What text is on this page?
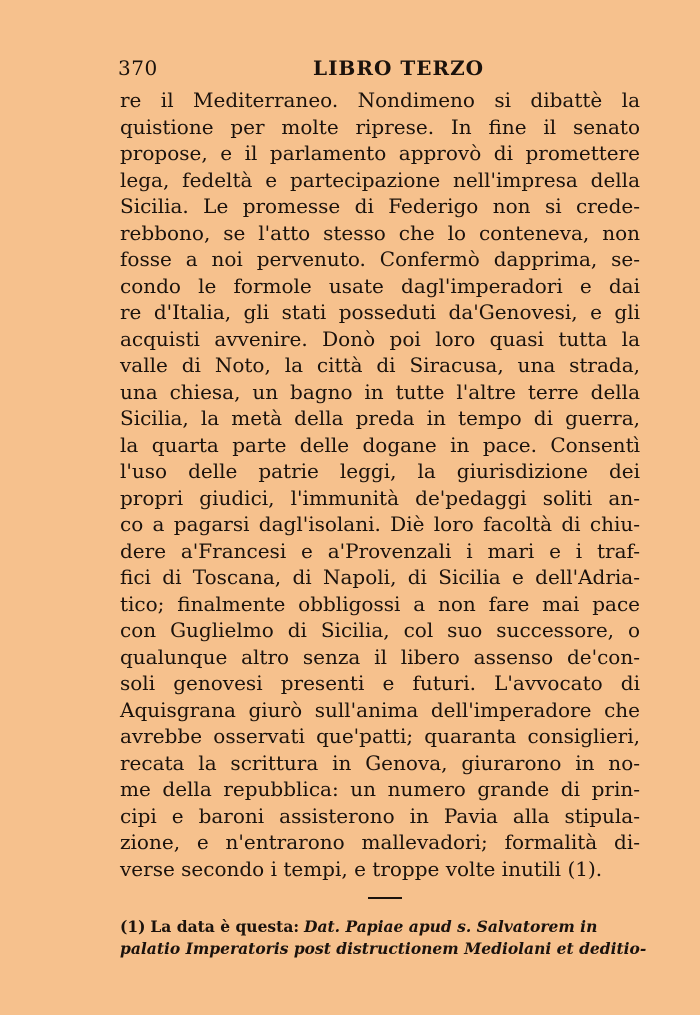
370	LIBRO TERZO
re il Mediterraneo. Nondimeno si dibattè la
quistione per molte riprese. In fine il senato
propose, e il parlamento approvò di promettere
lega, fedeltà e partecipazione nell'impresa della
Sicilia. Le promesse di Federigo non si crede-
rebbono, se l'atto stesso che lo conteneva, non
fosse a noi pervenuto. Confermò dapprima, se-
condo le formole usate dagl'imperadori e dai
re d'Italia, gli stati posseduti da'Genovesi, e gli
acquisti avvenire. Donò poi loro quasi tutta la
valle di Noto, la città di Siracusa, una strada,
una chiesa, un bagno in tutte l'altre terre della
Sicilia, la metà della preda in tempo di guerra,
la quarta parte delle dogane in pace. Consentì
l'uso delle patrie leggi, la giurisdizione dei
propri giudici, l'immunità de'pedaggi soliti an-
co a pagarsi dagl'isolani. Diè loro facoltà di chiu-
dere a'Francesi e a'Provenzali i mari e i traf-
fici di Toscana, di Napoli, di Sicilia e dell'Adria-
tico; finalmente obbligossi a non fare mai pace
con Guglielmo di Sicilia, col suo successore, o
qualunque altro senza il libero assenso de'con-
soli genovesi presenti e futuri. L'avvocato di
Aquisgrana giurò sull'anima dell'imperadore che
avrebbe osservati que'patti; quaranta consiglieri,
recata la scrittura in Genova, giurarono in no-
me della repubblica: un numero grande di prin-
cipi e baroni assisterono in Pavia alla stipula-
zione, e n'entrarono mallevadori; formalità di-
verse secondo i tempi, e troppe volte inutili (1).
(1) La data è questa: Dat. Papiae apud s. Salvatorem in
palatio Imperatoris post distructionem Mediolani et deditio-
